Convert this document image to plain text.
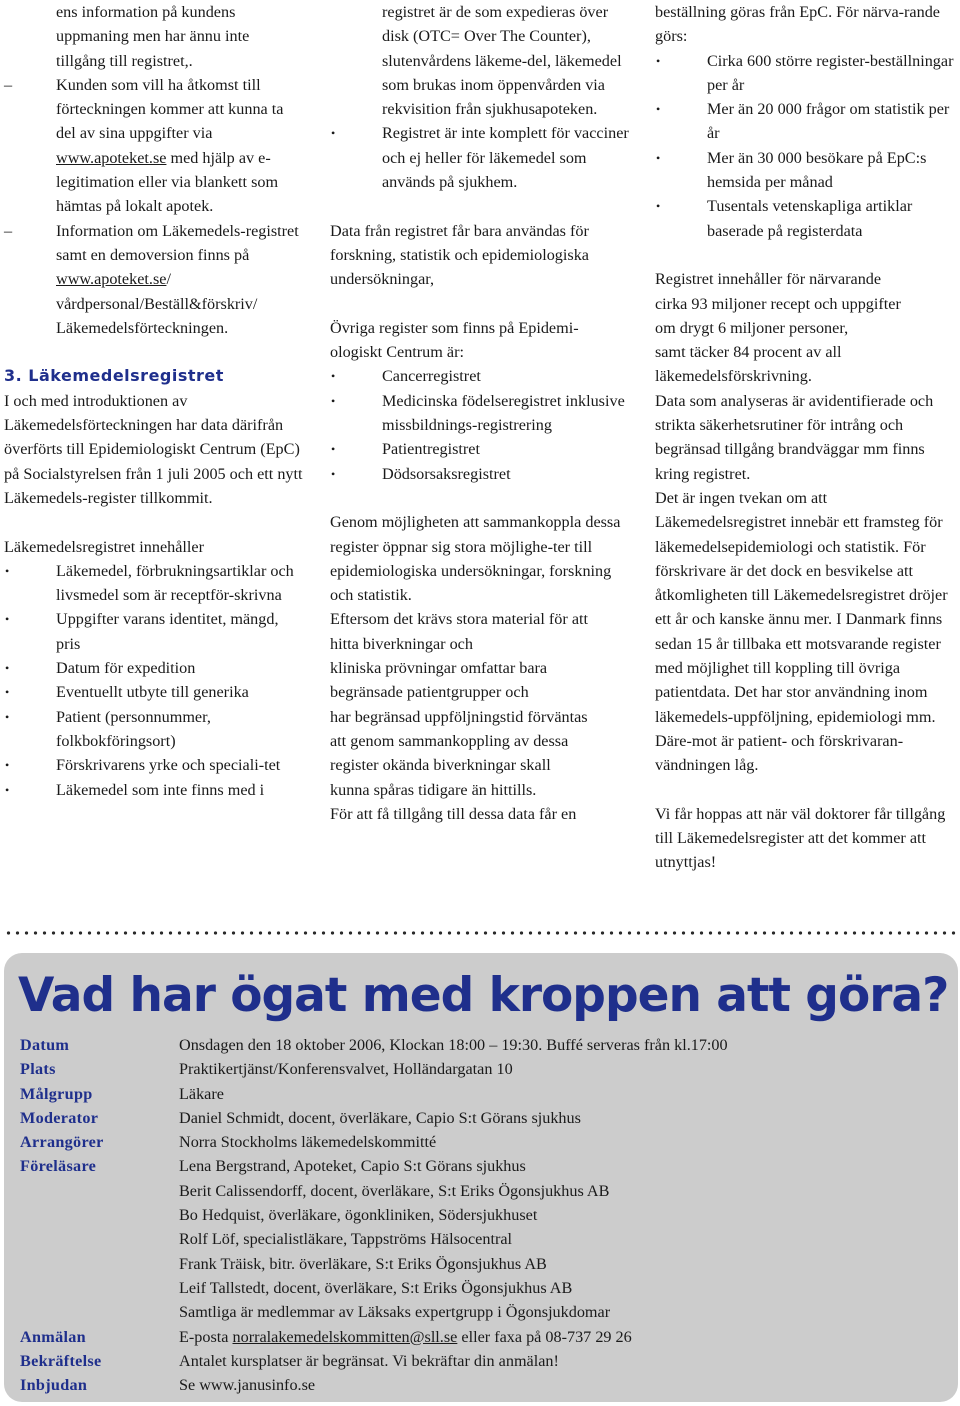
ens information på kundens

uppmaning men har ännu inte

tillgång till registret,.

– Kunden som vill ha åtkomst till förteckningen kommer att kunna ta del av sina uppgifter via www.apoteket.se med hjälp av e-legitimation eller via blankett som hämtas på lokalt apotek.
– Information om Läkemedels-registret samt en demoversion finns på www.apoteket.se/ vårdpersonal/Beställ&förskriv/ Läkemedelsförteckningen.
3. Läkemedelsregistret

I och med introduktionen av Läkemedelsförteckningen har data därifrån överförts till Epidemiologiskt Centrum (EpC) på Socialstyrelsen från 1 juli 2005 och ett nytt Läkemedels-register tillkommit.

Läkemedelsregistret innehåller

• Läkemedel, förbrukningsartiklar och livsmedel som är receptför-skrivna
• Uppgifter varans identitet, mängd, pris
• Datum för expedition
• Eventuellt utbyte till generika
• Patient (personnummer, folkbokföringsort)
• Förskrivarens yrke och speciali-tet
• Läkemedel som inte finns med i
registret är de som expedieras över disk (OTC= Over The Counter), slutenvårdens läkeme-del, läkemedel som brukas inom öppenvården via rekvisition från sjukhusapoteken.
• Registret är inte komplett för vacciner och ej heller för läkemedel som används på sjukhem.

Data från registret får bara användas för forskning, statistik och epidemiologiska undersökningar,

Övriga register som finns på Epidemi-ologiskt Centrum är:

• Cancerregistret
• Medicinska födelseregistret inklusive missbildnings-registrering
• Patientregistret
• Dödsorsaksregistret

Genom möjligheten att sammankoppla dessa register öppnar sig stora möjlighe-ter till epidemiologiska undersökningar, forskning och statistik.

Eftersom det krävs stora material för att

hitta biverkningar och

kliniska prövningar omfattar bara

begränsade patientgrupper och

har begränsad uppföljningstid förväntas

att genom sammankoppling av dessa

register okända biverkningar skall

kunna spåras tidigare än hittills.

För att få tillgång till dessa data får en

beställning göras från EpC. För närva-rande görs:

• Cirka 600 större register-beställningar per år
• Mer än 20 000 frågor om statistik per år
• Mer än 30 000 besökare på EpC:s hemsida per månad
• Tusentals vetenskapliga artiklar baserade på registerdata

Registret innehåller för närvarande

cirka 93 miljoner recept och uppgifter

om drygt 6 miljoner personer,

samt täcker 84 procent av all

läkemedelsförskrivning.

Data som analyseras är avidentifierade och strikta säkerhetsrutiner för intrång och begränsad tillgång brandväggar mm finns kring registret.

Det är ingen tvekan om att Läkemedelsregistret innebär ett framsteg för läkemedelsepidemiologi och statistik. För förskrivare är det dock en besvikelse att åtkomligheten till Läkemedelsregistret dröjer ett år och kanske ännu mer. I Danmark finns sedan 15 år tillbaka ett motsvarande register med möjlighet till koppling till övriga patientdata. Det har stor användning inom läkemedels-uppföljning, epidemiologi mm. Däre-mot är patient- och förskrivaran-vändningen låg.

Vi får hoppas att när väl doktorer får tillgång till Läkemedelsregister att det kommer att utnyttjas!

Vad har ögat med kroppen att göra?
Datum	Onsdagen den 18 oktober 2006, Klockan 18:00 – 19:30. Buffé serveras från kl.17:00
Plats	Praktikertjänst/Konferensvalvet, Holländargatan 10
Målgrupp	Läkare
Moderator	Daniel Schmidt, docent, överläkare, Capio S:t Görans sjukhus
Arrangörer	Norra Stockholms läkemedelskommitté
Föreläsare	Lena Bergstrand, Apoteket, Capio S:t Görans sjukhus
Berit Calissendorff, docent, överläkare, S:t Eriks Ögonsjukhus AB
Bo Hedquist, överläkare, ögonkliniken, Södersjukhuset
Rolf Löf, specialistläkare, Tappströms Hälsocentral
Frank Träisk, bitr. överläkare, S:t Eriks Ögonsjukhus AB
Leif Tallstedt, docent, överläkare, S:t Eriks Ögonsjukhus AB
Samtliga är medlemmar av Läksaks expertgrupp i Ögonsjukdomar
Anmälan	E-posta norralakemedelskommitten@sll.se eller faxa på 08-737 29 26
Bekräftelse	Antalet kursplatser är begränsat. Vi bekräftar din anmälan!
Inbjudan	Se www.janusinfo.se
